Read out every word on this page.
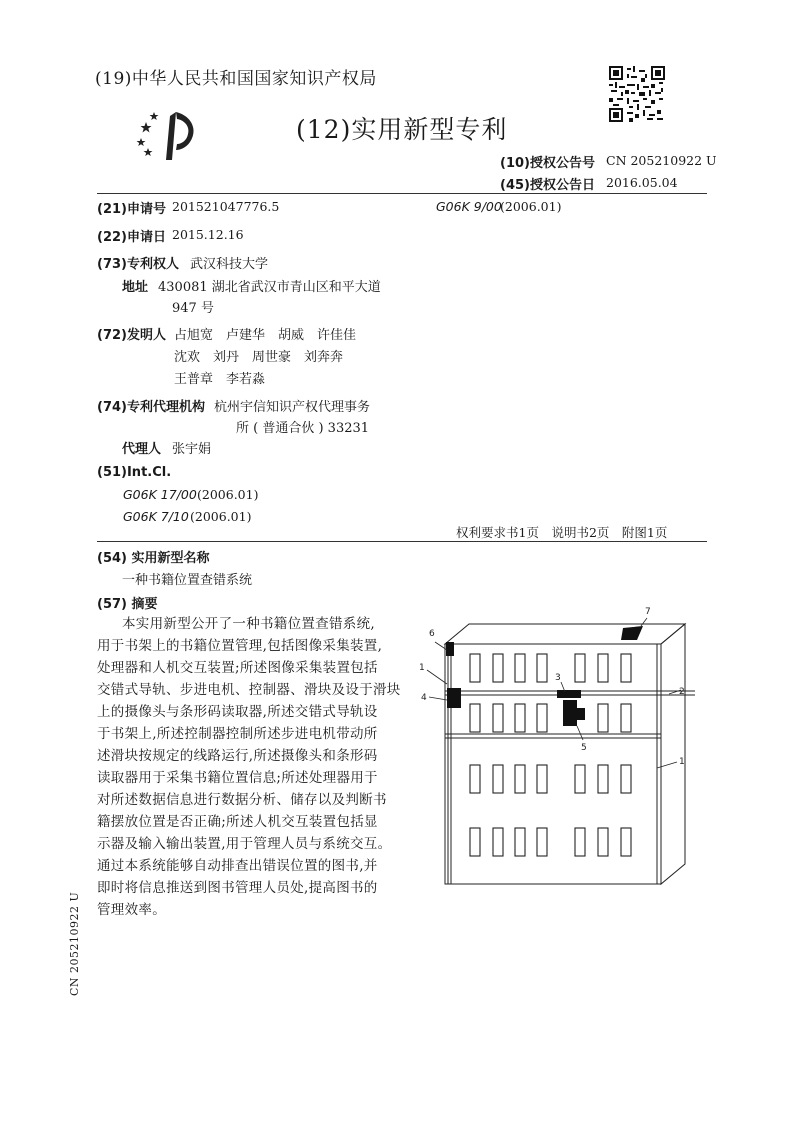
(19)中华人民共和国国家知识产权局
(12)实用新型专利
(10)授权公告号 CN 205210922 U
(45)授权公告日 2016.05.04
(21)申请号 201521047776.5	G06K 9/00
(2006.01)
(22)申请日 2015.12.16
(73)专利权人 武汉科技大学
地址 430081 湖北省武汉市青山区和平大道
947 号
(72)发明人 占旭宽　卢建华　胡威　许佳佳
沈欢　刘丹　周世豪　刘奔奔
王普章　李若淼
(74)专利代理机构 杭州宇信知识产权代理事务
所 ( 普通合伙 ) 33231
代理人 张宇娟
(51)Int.Cl.
G06K 17/00 (2006.01)
G06K 7/10 (2006.01)
权利要求书1页　说明书2页　附图1页
(54) 实用新型名称
一种书籍位置查错系统
(57) 摘要
本实用新型公开了一种书籍位置查错系统,
用于书架上的书籍位置管理,包括图像采集装置,
处理器和人机交互装置;所述图像采集装置包括
交错式导轨、步进电机、控制器、滑块及设于滑块
上的摄像头与条形码读取器,所述交错式导轨设
于书架上,所述控制器控制所述步进电机带动所
述滑块按规定的线路运行,所述摄像头和条形码
读取器用于采集书籍位置信息;所述处理器用于
对所述数据信息进行数据分析、储存以及判断书
籍摆放位置是否正确;所述人机交互装置包括显
示器及输入输出装置,用于管理人员与系统交互。
通过本系统能够自动排查出错误位置的图书,并
即时将信息推送到图书管理人员处,提高图书的
管理效率。
6
1
4
3
2
5
7
1
CN 205210922 U
